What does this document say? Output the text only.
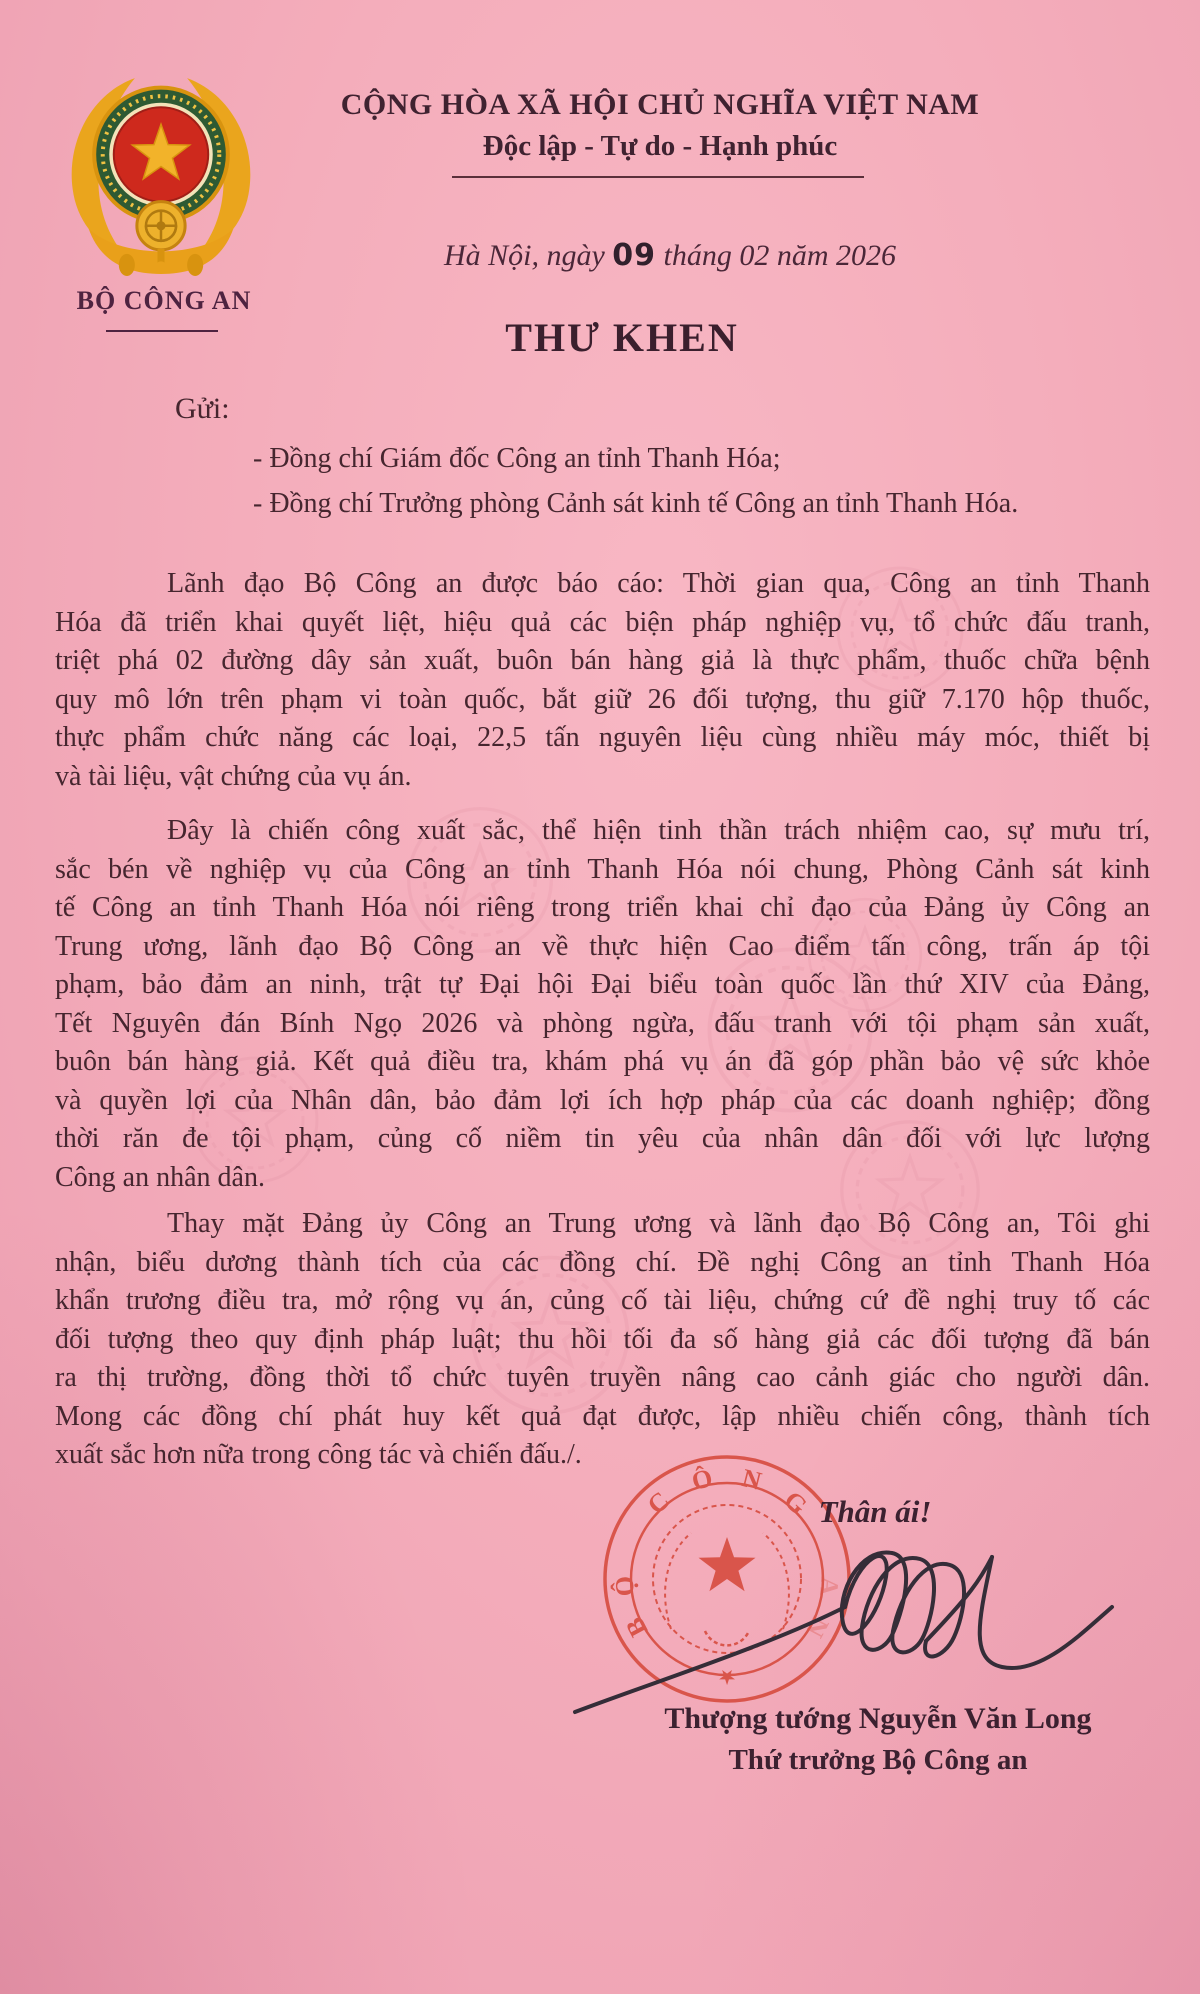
BỘ CÔNG AN
CỘNG HÒA XÃ HỘI CHỦ NGHĨA VIỆT NAM
Độc lập - Tự do - Hạnh phúc
Hà Nội, ngày 09 tháng 02 năm 2026
THƯ KHEN
Gửi:
- Đồng chí Giám đốc Công an tỉnh Thanh Hóa;
- Đồng chí Trưởng phòng Cảnh sát kinh tế Công an tỉnh Thanh Hóa.
Lãnh đạo Bộ Công an được báo cáo: Thời gian qua, Công an tỉnh Thanh
Hóa đã triển khai quyết liệt, hiệu quả các biện pháp nghiệp vụ, tổ chức đấu tranh,
triệt phá 02 đường dây sản xuất, buôn bán hàng giả là thực phẩm, thuốc chữa bệnh
quy mô lớn trên phạm vi toàn quốc, bắt giữ 26 đối tượng, thu giữ 7.170 hộp thuốc,
thực phẩm chức năng các loại, 22,5 tấn nguyên liệu cùng nhiều máy móc, thiết bị
và tài liệu, vật chứng của vụ án.
Đây là chiến công xuất sắc, thể hiện tinh thần trách nhiệm cao, sự mưu trí,
sắc bén về nghiệp vụ của Công an tỉnh Thanh Hóa nói chung, Phòng Cảnh sát kinh
tế Công an tỉnh Thanh Hóa nói riêng trong triển khai chỉ đạo của Đảng ủy Công an
Trung ương, lãnh đạo Bộ Công an về thực hiện Cao điểm tấn công, trấn áp tội
phạm, bảo đảm an ninh, trật tự Đại hội Đại biểu toàn quốc lần thứ XIV của Đảng,
Tết Nguyên đán Bính Ngọ 2026 và phòng ngừa, đấu tranh với tội phạm sản xuất,
buôn bán hàng giả. Kết quả điều tra, khám phá vụ án đã góp phần bảo vệ sức khỏe
và quyền lợi của Nhân dân, bảo đảm lợi ích hợp pháp của các doanh nghiệp; đồng
thời răn đe tội phạm, củng cố niềm tin yêu của nhân dân đối với lực lượng
Công an nhân dân.
Thay mặt Đảng ủy Công an Trung ương và lãnh đạo Bộ Công an, Tôi ghi
nhận, biểu dương thành tích của các đồng chí. Đề nghị Công an tỉnh Thanh Hóa
khẩn trương điều tra, mở rộng vụ án, củng cố tài liệu, chứng cứ đề nghị truy tố các
đối tượng theo quy định pháp luật; thu hồi tối đa số hàng giả các đối tượng đã bán
ra thị trường, đồng thời tổ chức tuyên truyền nâng cao cảnh giác cho người dân.
Mong các đồng chí phát huy kết quả đạt được, lập nhiều chiến công, thành tích
xuất sắc hơn nữa trong công tác và chiến đấu./.
B
Ộ
C
Ô N
G
A
N
★
Thân ái!
Thượng tướng Nguyễn Văn Long
Thứ trưởng Bộ Công an
